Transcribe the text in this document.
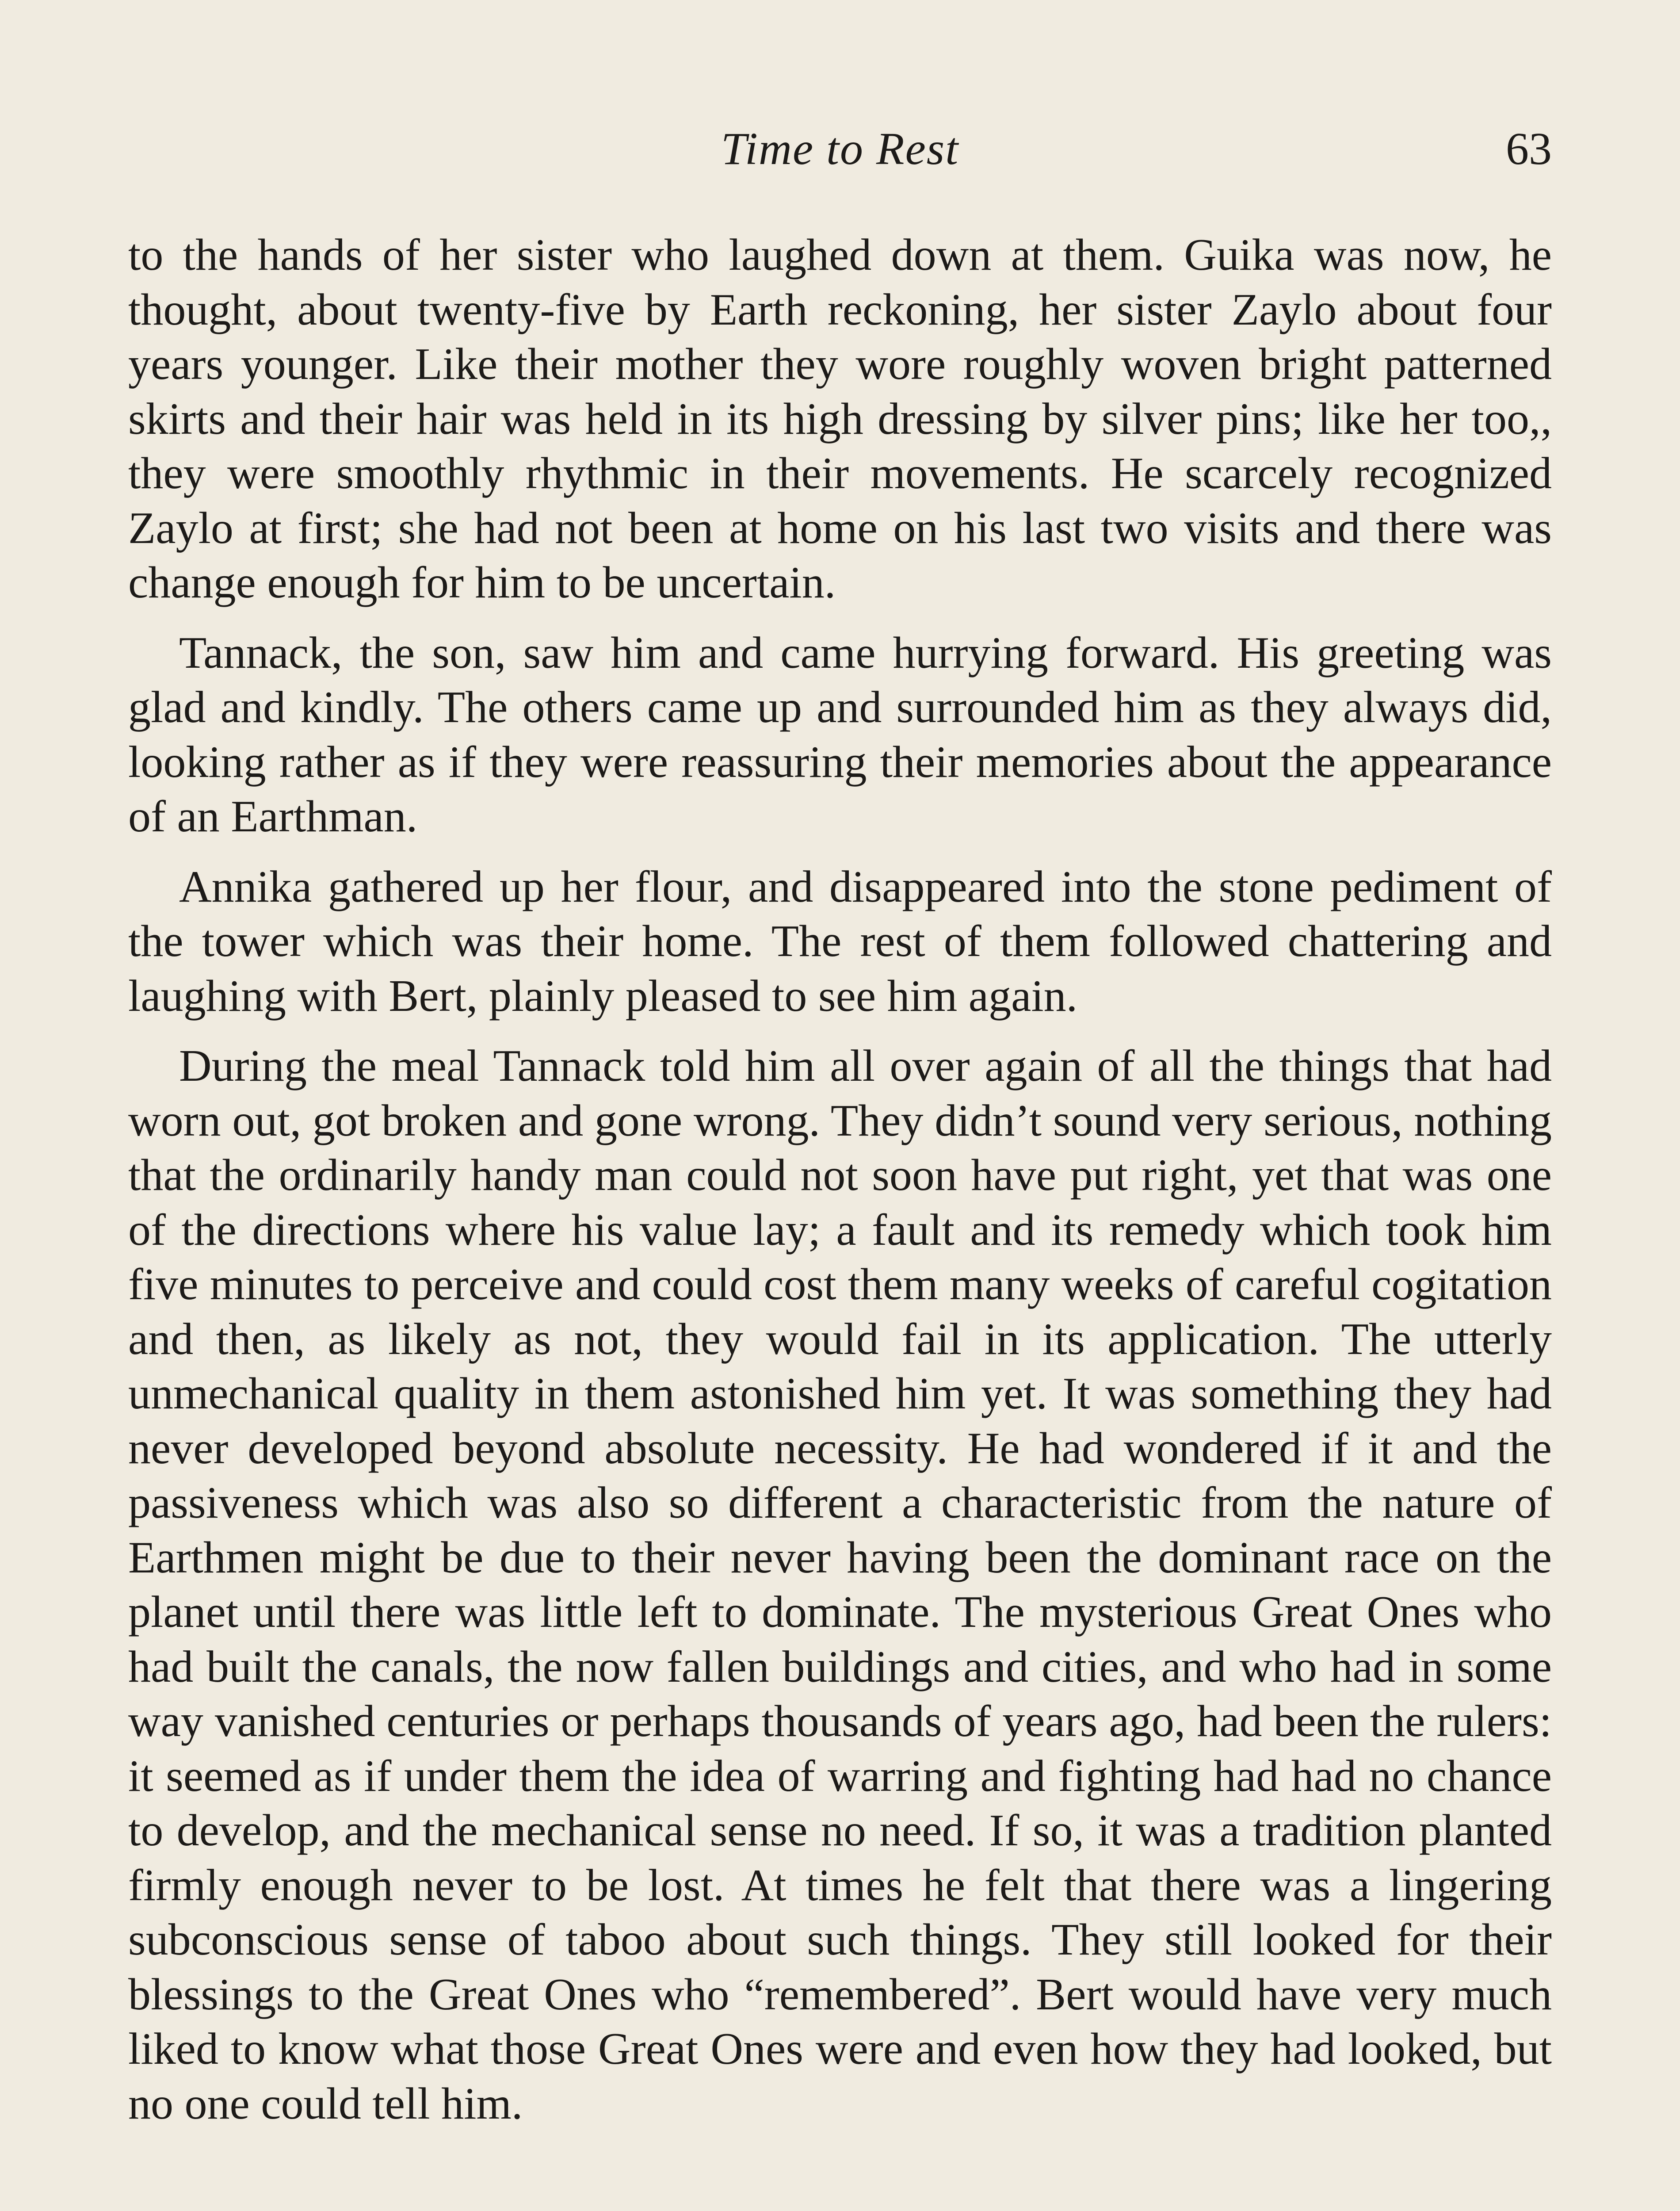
Time to Rest	63

to the hands of her sister who laughed down at them. Guika was now, he thought, about twenty-five by Earth reckoning, her sister Zaylo about four years younger. Like their mother they wore roughly woven bright patterned skirts and their hair was held in its high dressing by silver pins; like her too,, they were smoothly rhythmic in their movements. He scarcely recognized Zaylo at first; she had not been at home on his last two visits and there was change enough for him to be uncertain.

Tannack, the son, saw him and came hurrying forward. His greeting was glad and kindly. The others came up and surrounded him as they always did, looking rather as if they were reassuring their memories about the appearance of an Earthman.

Annika gathered up her flour, and disappeared into the stone pediment of the tower which was their home. The rest of them followed chattering and laughing with Bert, plainly pleased to see him again.

During the meal Tannack told him all over again of all the things that had worn out, got broken and gone wrong. They didn’t sound very serious, nothing that the ordinarily handy man could not soon have put right, yet that was one of the directions where his value lay; a fault and its remedy which took him five minutes to perceive and could cost them many weeks of careful cogitation and then, as likely as not, they would fail in its application. The utterly unmechanical quality in them astonished him yet. It was something they had never developed beyond absolute necessity. He had wondered if it and the passiveness which was also so different a characteristic from the nature of Earthmen might be due to their never having been the dominant race on the planet until there was little left to dominate. The mysterious Great Ones who had built the canals, the now fallen buildings and cities, and who had in some way vanished centuries or perhaps thousands of years ago, had been the rulers: it seemed as if under them the idea of warring and fighting had had no chance to develop, and the mechanical sense no need. If so, it was a tradition planted firmly enough never to be lost. At times he felt that there was a lingering subconscious sense of taboo about such things. They still looked for their blessings to the Great Ones who “remembered”. Bert would have very much liked to know what those Great Ones were and even how they had looked, but no one could tell him.
